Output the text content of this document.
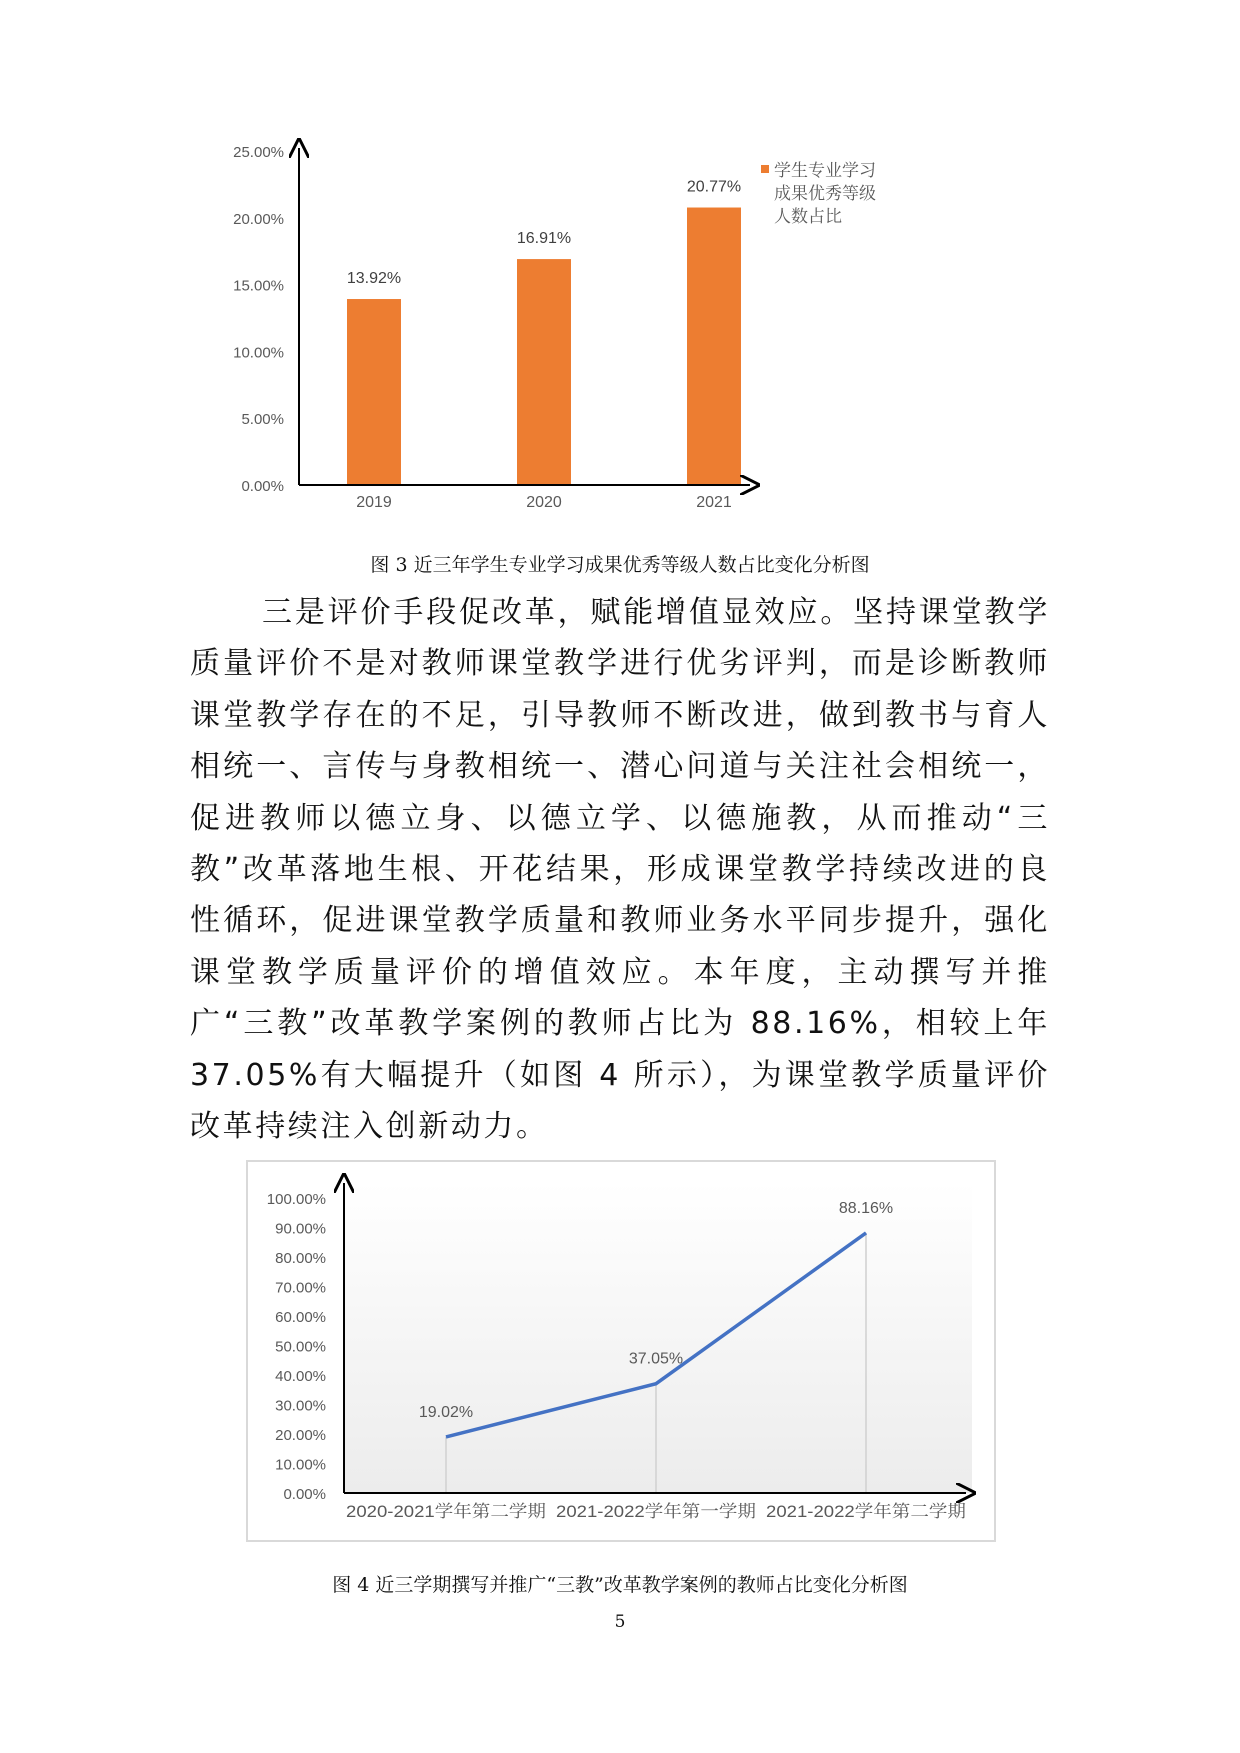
0.00%
5.00%
10.00%
15.00%
20.00%
25.00%
13.92%
16.91%
20.77%
2019	2020	2021
学生专业学习
成果优秀等级
人数占比
图 3 近三年学生专业学习成果优秀等级人数占比变化分析图

三是评价手段促改革，赋能增值显效应。坚持课堂教学质量评价不是对教师课堂教学进行优劣评判，而是诊断教师课堂教学存在的不足，引导教师不断改进，做到教书与育人相统一、言传与身教相统一、潜心问道与关注社会相统一，促进教师以德立身、以德立学、以德施教，从而推动“三教”改革落地生根、开花结果，形成课堂教学持续改进的良性循环，促进课堂教学质量和教师业务水平同步提升，强化课堂教学质量评价的增值效应。本年度，主动撰写并推广“三教”改革教学案例的教师占比为 88.16%，相较上年 37.05%有大幅提升（如图 4 所示），为课堂教学质量评价改革持续注入创新动力。

0.00%
10.00%
20.00%
30.00%
40.00%
50.00%
60.00%
70.00%
80.00%
90.00%
100.00%
19.02%
37.05%
88.16%
2020-2021学年第二学期	2021-2022学年第一学期	2021-2022学年第二学期
图 4 近三学期撰写并推广“三教”改革教学案例的教师占比变化分析图
5
